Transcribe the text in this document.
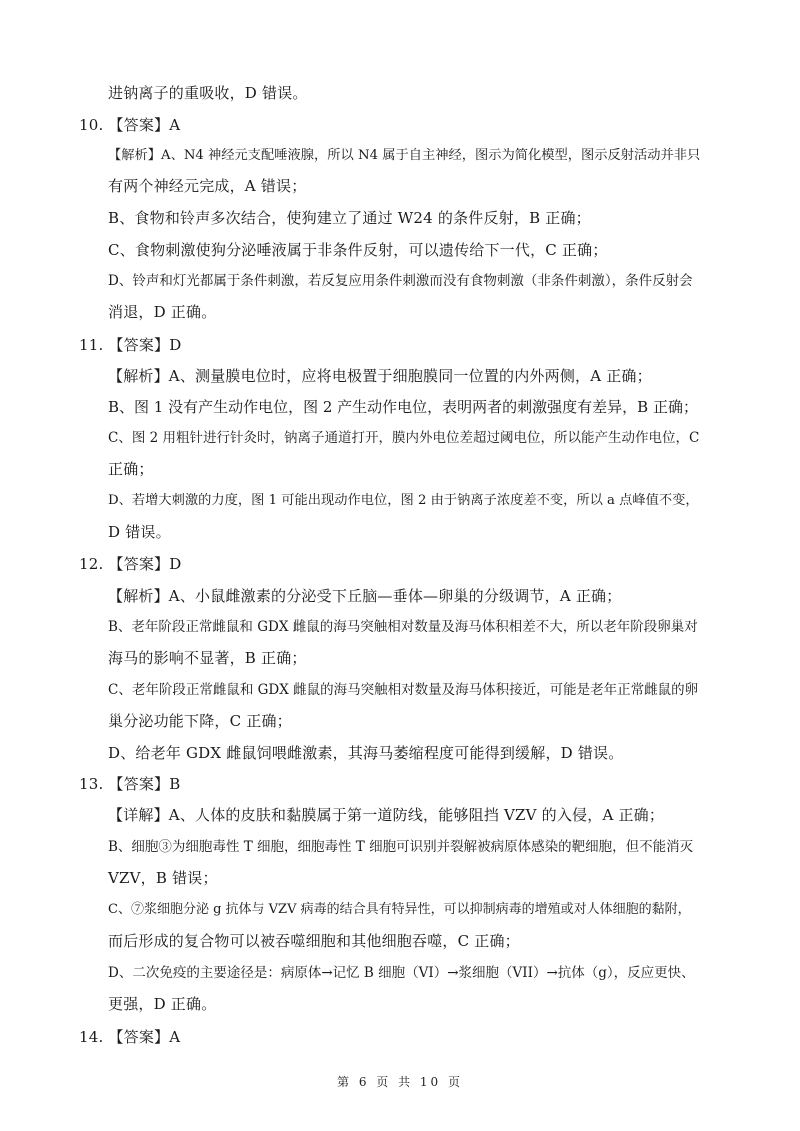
进钠离子的重吸收，D 错误。
10. 【答案】A
【解析】A、N4 神经元支配唾液腺，所以 N4 属于自主神经，图示为简化模型，图示反射活动并非只
有两个神经元完成，A 错误；
B、食物和铃声多次结合，使狗建立了通过 W24 的条件反射，B 正确；
C、食物刺激使狗分泌唾液属于非条件反射，可以遗传给下一代，C 正确；
D、铃声和灯光都属于条件刺激，若反复应用条件刺激而没有食物刺激（非条件刺激），条件反射会
消退，D 正确。
11. 【答案】D
【解析】A、测量膜电位时，应将电极置于细胞膜同一位置的内外两侧，A 正确；
B、图 1 没有产生动作电位，图 2 产生动作电位，表明两者的刺激强度有差异，B 正确；
C、图 2 用粗针进行针灸时，钠离子通道打开，膜内外电位差超过阈电位，所以能产生动作电位，C
正确；
D、若增大刺激的力度，图 1 可能出现动作电位，图 2 由于钠离子浓度差不变，所以 a 点峰值不变，
D 错误。
12. 【答案】D
【解析】A、小鼠雌激素的分泌受下丘脑—垂体—卵巢的分级调节，A 正确；
B、老年阶段正常雌鼠和 GDX 雌鼠的海马突触相对数量及海马体积相差不大，所以老年阶段卵巢对
海马的影响不显著，B 正确；
C、老年阶段正常雌鼠和 GDX 雌鼠的海马突触相对数量及海马体积接近，可能是老年正常雌鼠的卵
巢分泌功能下降，C 正确；
D、给老年 GDX 雌鼠饲喂雌激素，其海马萎缩程度可能得到缓解，D 错误。
13. 【答案】B
【详解】A、人体的皮肤和黏膜属于第一道防线，能够阻挡 VZV 的入侵，A 正确；
B、细胞③为细胞毒性 T 细胞，细胞毒性 T 细胞可识别并裂解被病原体感染的靶细胞，但不能消灭
VZV，B 错误；
C、⑦浆细胞分泌 g 抗体与 VZV 病毒的结合具有特异性，可以抑制病毒的增殖或对人体细胞的黏附，
而后形成的复合物可以被吞噬细胞和其他细胞吞噬，C 正确；
D、二次免疫的主要途径是：病原体→记忆 B 细胞（VI）→浆细胞（VII）→抗体（g），反应更快、
更强，D 正确。
14. 【答案】A
第 6 页 共 10 页
